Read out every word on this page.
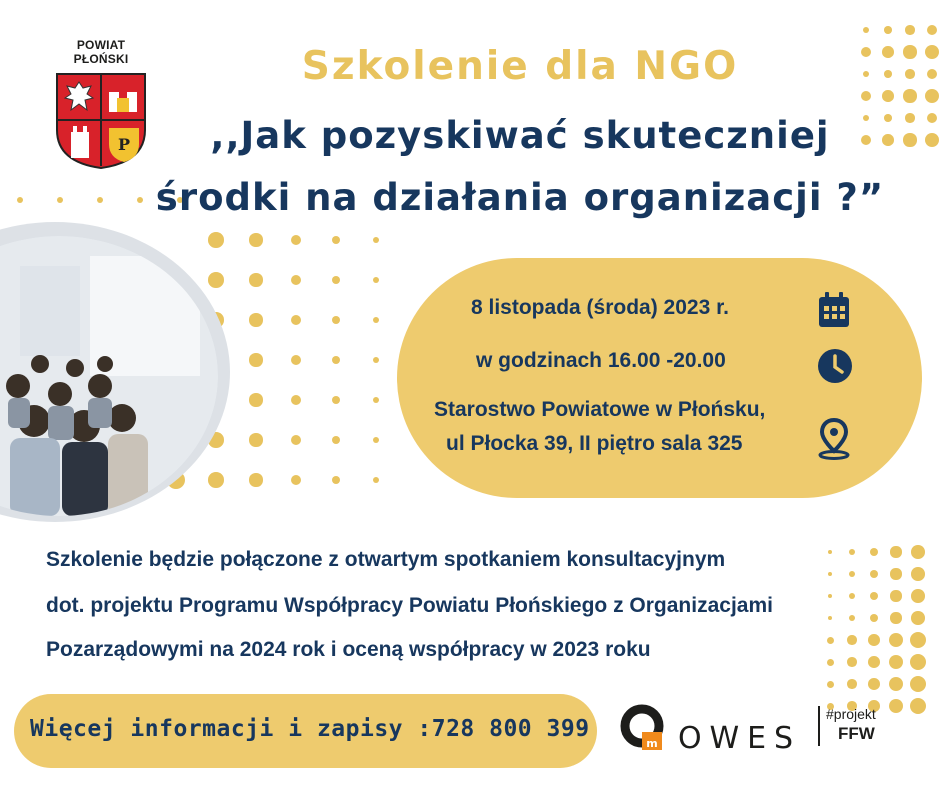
POWIAT PŁOŃSKI
P
Szkolenie dla NGO
,,Jak pozyskiwać skuteczniej
środki na działania organizacji ?”
8 listopada (środa) 2023 r.
w godzinach 16.00 -20.00
Starostwo Powiatowe w Płońsku,
ul Płocka 39, II piętro sala 325
Szkolenie będzie połączone z otwartym spotkaniem konsultacyjnym
dot. projektu Programu Współpracy Powiatu Płońskiego z Organizacjami
Pozarządowymi na 2024 rok i oceną współpracy w 2023 roku
Więcej informacji i zapisy :728 800 399
m OWES
#projekt
FFW
